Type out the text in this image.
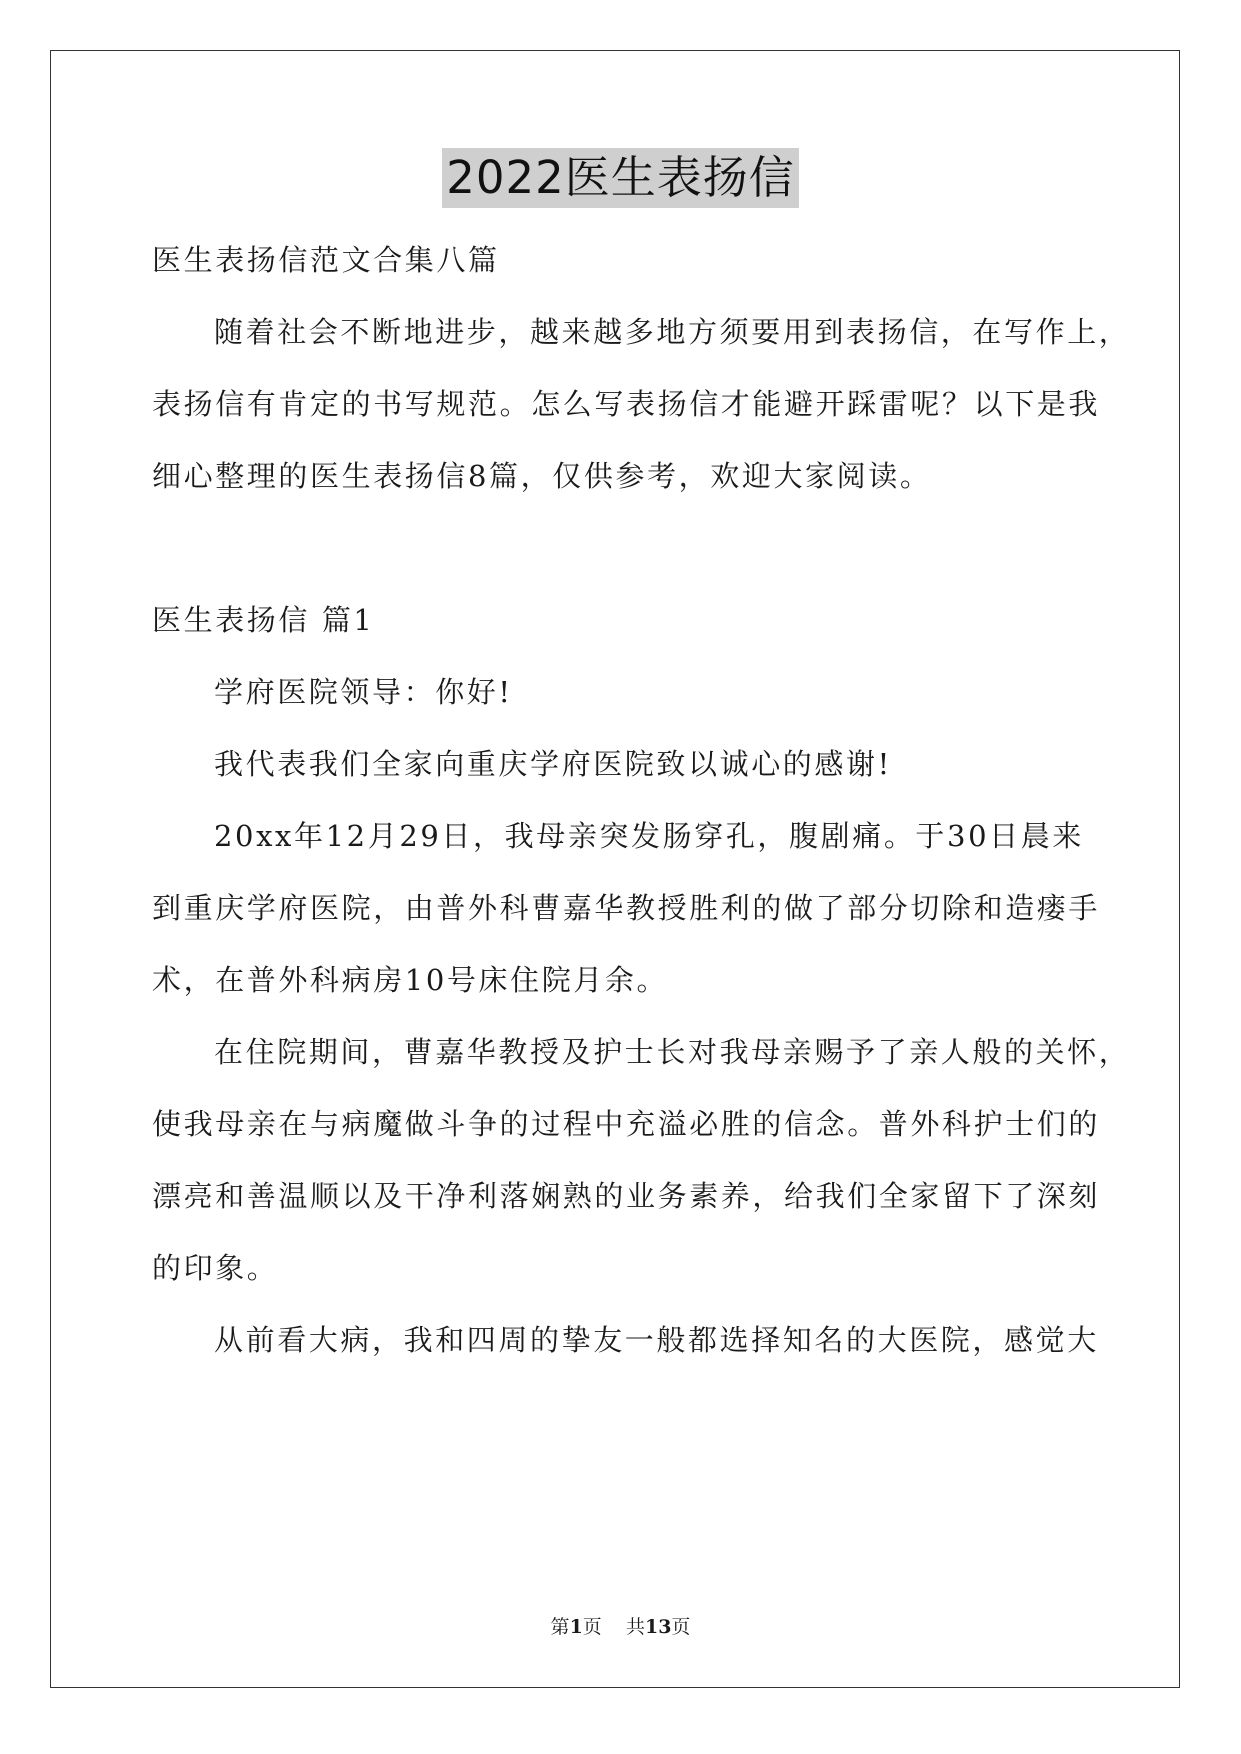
2022医生表扬信
医生表扬信范文合集八篇
随着社会不断地进步，越来越多地方须要用到表扬信，在写作上，
表扬信有肯定的书写规范。怎么写表扬信才能避开踩雷呢？以下是我
细心整理的医生表扬信8篇，仅供参考，欢迎大家阅读。
医生表扬信 篇1
学府医院领导：你好!
我代表我们全家向重庆学府医院致以诚心的感谢!
20xx年12月29日，我母亲突发肠穿孔，腹剧痛。于30日晨来
到重庆学府医院，由普外科曹嘉华教授胜利的做了部分切除和造瘘手
术，在普外科病房10号床住院月余。
在住院期间，曹嘉华教授及护士长对我母亲赐予了亲人般的关怀，
使我母亲在与病魔做斗争的过程中充溢必胜的信念。普外科护士们的
漂亮和善温顺以及干净利落娴熟的业务素养，给我们全家留下了深刻
的印象。
从前看大病，我和四周的挚友一般都选择知名的大医院，感觉大
第1页    共13页
